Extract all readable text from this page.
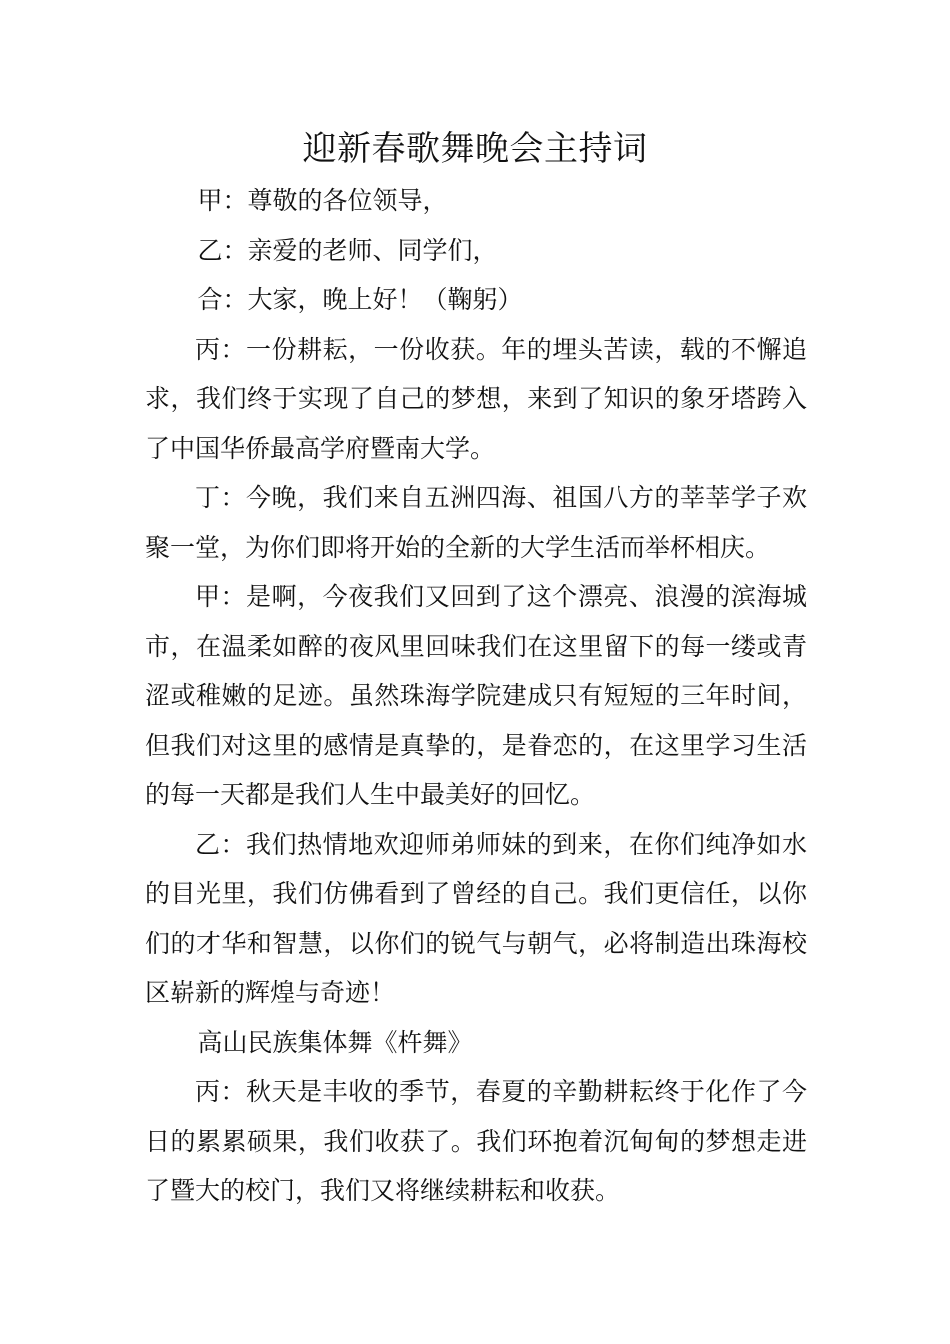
迎新春歌舞晚会主持词

甲：尊敬的各位领导，

乙：亲爱的老师、同学们，

合：大家，晚上好！（鞠躬）

丙：一份耕耘，一份收获。年的埋头苦读，载的不懈追求，我们终于实现了自己的梦想，来到了知识的象牙塔跨入了中国华侨最高学府暨南大学。

丁：今晚，我们来自五洲四海、祖国八方的莘莘学子欢聚一堂，为你们即将开始的全新的大学生活而举杯相庆。

甲：是啊，今夜我们又回到了这个漂亮、浪漫的滨海城市，在温柔如醉的夜风里回味我们在这里留下的每一缕或青涩或稚嫩的足迹。虽然珠海学院建成只有短短的三年时间，但我们对这里的感情是真挚的，是眷恋的，在这里学习生活的每一天都是我们人生中最美好的回忆。

乙：我们热情地欢迎师弟师妹的到来，在你们纯净如水的目光里，我们仿佛看到了曾经的自己。我们更信任，以你们的才华和智慧，以你们的锐气与朝气，必将制造出珠海校区崭新的辉煌与奇迹！

高山民族集体舞《杵舞》

丙：秋天是丰收的季节，春夏的辛勤耕耘终于化作了今日的累累硕果，我们收获了。我们环抱着沉甸甸的梦想走进了暨大的校门，我们又将继续耕耘和收获。
